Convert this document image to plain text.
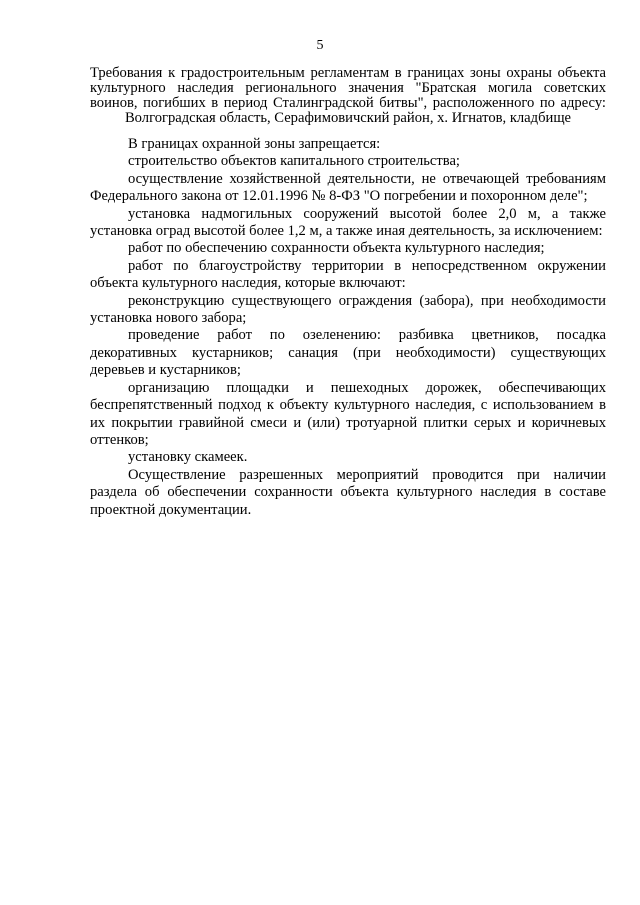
5
Требования к градостроительным регламентам в границах зоны охраны объекта
культурного наследия регионального значения "Братская могила советских
воинов, погибших в период Сталинградской битвы", расположенного по адресу:
Волгоградская область, Серафимовичский район, х. Игнатов, кладбище

В границах охранной зоны запрещается:

строительство объектов капитального строительства;

осуществление хозяйственной деятельности, не отвечающей требованиям Федерального закона от 12.01.1996 № 8-ФЗ "О погребении и похоронном деле";

установка надмогильных сооружений высотой более 2,0 м, а также установка оград высотой более 1,2 м, а также иная деятельность, за исключением:

работ по обеспечению сохранности объекта культурного наследия;

работ по благоустройству территории в непосредственном окружении объекта культурного наследия, которые включают:

реконструкцию существующего ограждения (забора), при необходимости установка нового забора;

проведение работ по озеленению: разбивка цветников, посадка декоративных кустарников; санация (при необходимости) существующих деревьев и кустарников;

организацию площадки и пешеходных дорожек, обеспечивающих беспрепятственный подход к объекту культурного наследия, с использованием в их покрытии гравийной смеси и (или) тротуарной плитки серых и коричневых оттенков;

установку скамеек.

Осуществление разрешенных мероприятий проводится при наличии раздела об обеспечении сохранности объекта культурного наследия в составе проектной документации.
